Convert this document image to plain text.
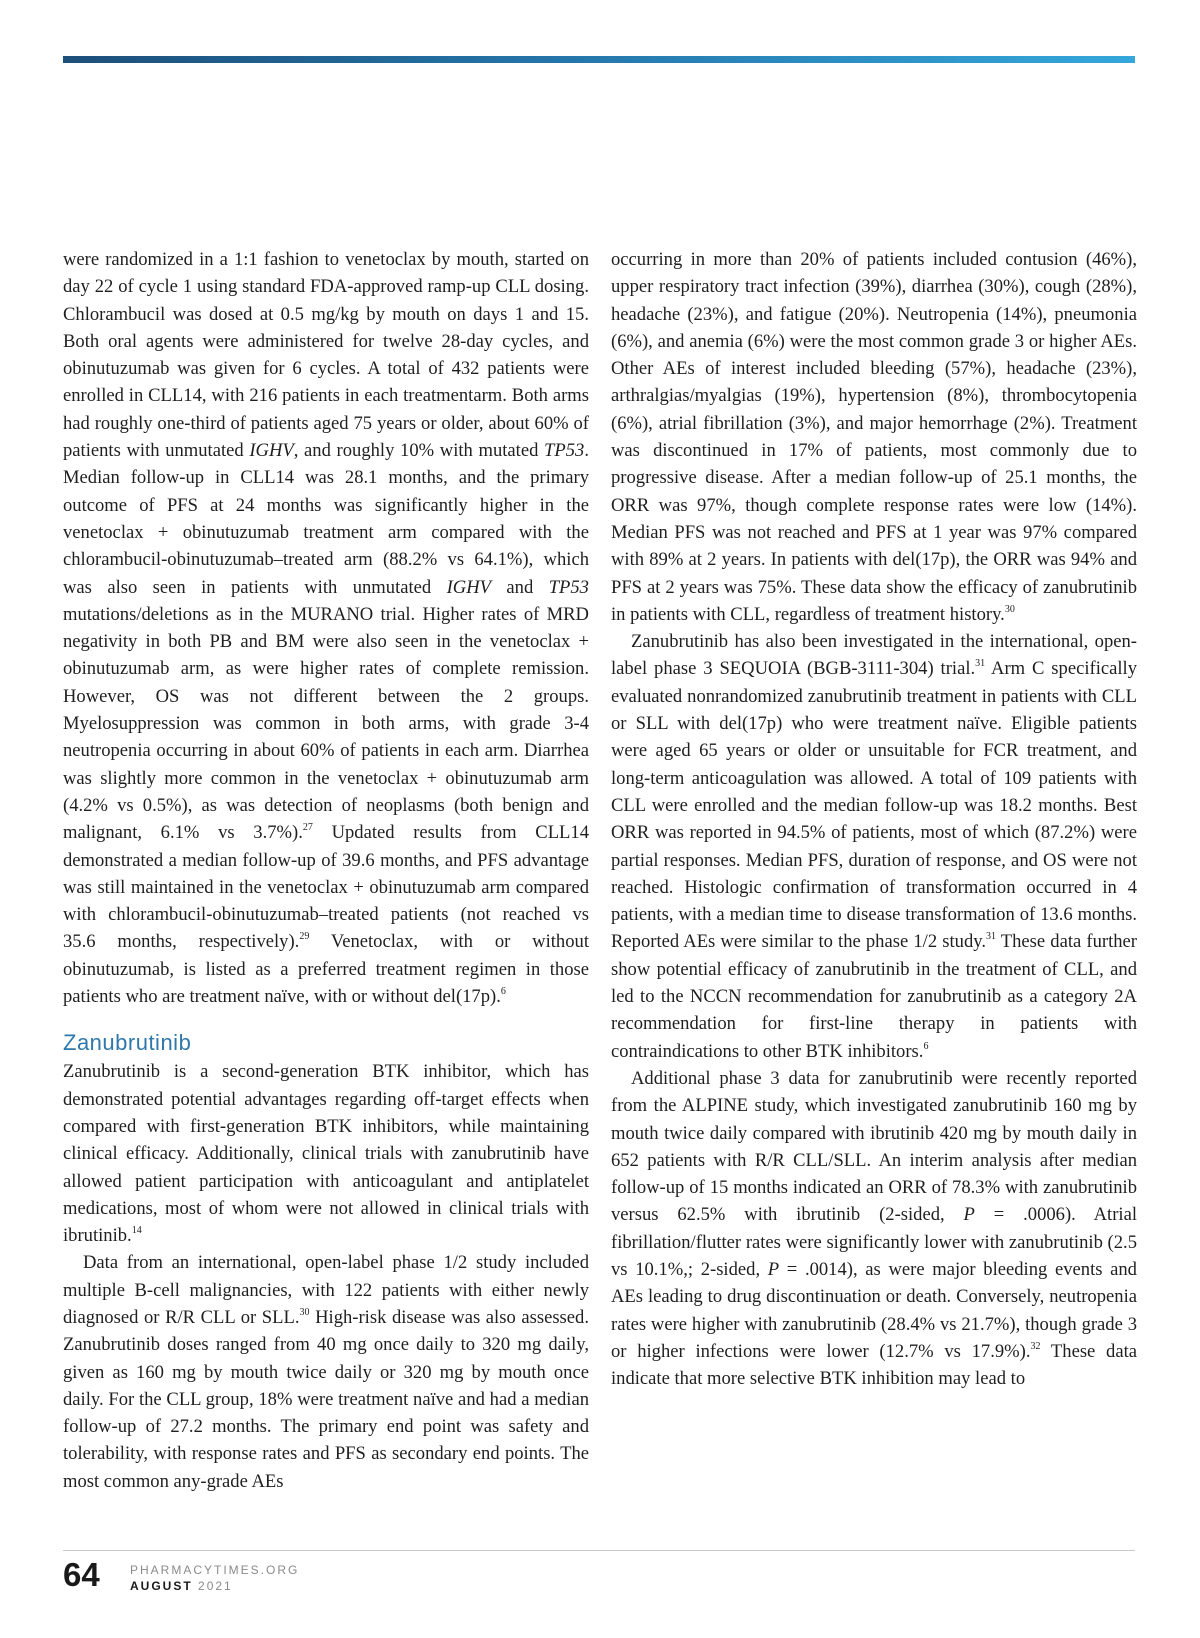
were randomized in a 1:1 fashion to venetoclax by mouth, started on day 22 of cycle 1 using standard FDA-approved ramp-up CLL dosing. Chlorambucil was dosed at 0.5 mg/kg by mouth on days 1 and 15. Both oral agents were administered for twelve 28-day cycles, and obinutuzumab was given for 6 cycles. A total of 432 patients were enrolled in CLL14, with 216 patients in each treatmentarm. Both arms had roughly one-third of patients aged 75 years or older, about 60% of patients with unmutated IGHV, and roughly 10% with mutated TP53. Median follow-up in CLL14 was 28.1 months, and the primary outcome of PFS at 24 months was significantly higher in the venetoclax + obinutuzumab treatment arm compared with the chlorambucil-obinutuzumab–treated arm (88.2% vs 64.1%), which was also seen in patients with unmutated IGHV and TP53 mutations/deletions as in the MURANO trial. Higher rates of MRD negativity in both PB and BM were also seen in the venetoclax + obinutuzumab arm, as were higher rates of complete remission. However, OS was not different between the 2 groups. Myelosuppression was common in both arms, with grade 3-4 neutropenia occurring in about 60% of patients in each arm. Diarrhea was slightly more common in the venetoclax + obinutuzumab arm (4.2% vs 0.5%), as was detection of neoplasms (both benign and malignant, 6.1% vs 3.7%).$^{27}$ Updated results from CLL14 demonstrated a median follow-up of 39.6 months, and PFS advantage was still maintained in the venetoclax + obinutuzumab arm compared with chlorambucil-obinutuzumab–treated patients (not reached vs 35.6 months, respectively).$^{29}$ Venetoclax, with or without obinutuzumab, is listed as a preferred treatment regimen in those patients who are treatment naïve, with or without del(17p).$^6$

Zanubrutinib

Zanubrutinib is a second-generation BTK inhibitor, which has demonstrated potential advantages regarding off-target effects when compared with first-generation BTK inhibitors, while maintaining clinical efficacy. Additionally, clinical trials with zanubrutinib have allowed patient participation with anticoagulant and antiplatelet medications, most of whom were not allowed in clinical trials with ibrutinib.$^{14}$

Data from an international, open-label phase 1/2 study included multiple B-cell malignancies, with 122 patients with either newly diagnosed or R/R CLL or SLL.$^{30}$ High-risk disease was also assessed. Zanubrutinib doses ranged from 40 mg once daily to 320 mg daily, given as 160 mg by mouth twice daily or 320 mg by mouth once daily. For the CLL group, 18% were treatment naïve and had a median follow-up of 27.2 months. The primary end point was safety and tolerability, with response rates and PFS as secondary end points. The most common any-grade AEs

occurring in more than 20% of patients included contusion (46%), upper respiratory tract infection (39%), diarrhea (30%), cough (28%), headache (23%), and fatigue (20%). Neutropenia (14%), pneumonia (6%), and anemia (6%) were the most common grade 3 or higher AEs. Other AEs of interest included bleeding (57%), headache (23%), arthralgias/myalgias (19%), hypertension (8%), thrombocytopenia (6%), atrial fibrillation (3%), and major hemorrhage (2%). Treatment was discontinued in 17% of patients, most commonly due to progressive disease. After a median follow-up of 25.1 months, the ORR was 97%, though complete response rates were low (14%). Median PFS was not reached and PFS at 1 year was 97% compared with 89% at 2 years. In patients with del(17p), the ORR was 94% and PFS at 2 years was 75%. These data show the efficacy of zanubrutinib in patients with CLL, regardless of treatment history.$^{30}$

Zanubrutinib has also been investigated in the international, open-label phase 3 SEQUOIA (BGB-3111-304) trial.$^{31}$ Arm C specifically evaluated nonrandomized zanubrutinib treatment in patients with CLL or SLL with del(17p) who were treatment naïve. Eligible patients were aged 65 years or older or unsuitable for FCR treatment, and long-term anticoagulation was allowed. A total of 109 patients with CLL were enrolled and the median follow-up was 18.2 months. Best ORR was reported in 94.5% of patients, most of which (87.2%) were partial responses. Median PFS, duration of response, and OS were not reached. Histologic confirmation of transformation occurred in 4 patients, with a median time to disease transformation of 13.6 months. Reported AEs were similar to the phase 1/2 study.$^{31}$ These data further show potential efficacy of zanubrutinib in the treatment of CLL, and led to the NCCN recommendation for zanubrutinib as a category 2A recommendation for first-line therapy in patients with contraindications to other BTK inhibitors.$^6$

Additional phase 3 data for zanubrutinib were recently reported from the ALPINE study, which investigated zanubrutinib 160 mg by mouth twice daily compared with ibrutinib 420 mg by mouth daily in 652 patients with R/R CLL/SLL. An interim analysis after median follow-up of 15 months indicated an ORR of 78.3% with zanubrutinib versus 62.5% with ibrutinib (2-sided, P = .0006). Atrial fibrillation/flutter rates were significantly lower with zanubrutinib (2.5 vs 10.1%,; 2-sided, P = .0014), as were major bleeding events and AEs leading to drug discontinuation or death. Conversely, neutropenia rates were higher with zanubrutinib (28.4% vs 21.7%), though grade 3 or higher infections were lower (12.7% vs 17.9%).$^{32}$ These data indicate that more selective BTK inhibition may lead to

64	PHARMACYTIMES.ORG
AUGUST 2021
